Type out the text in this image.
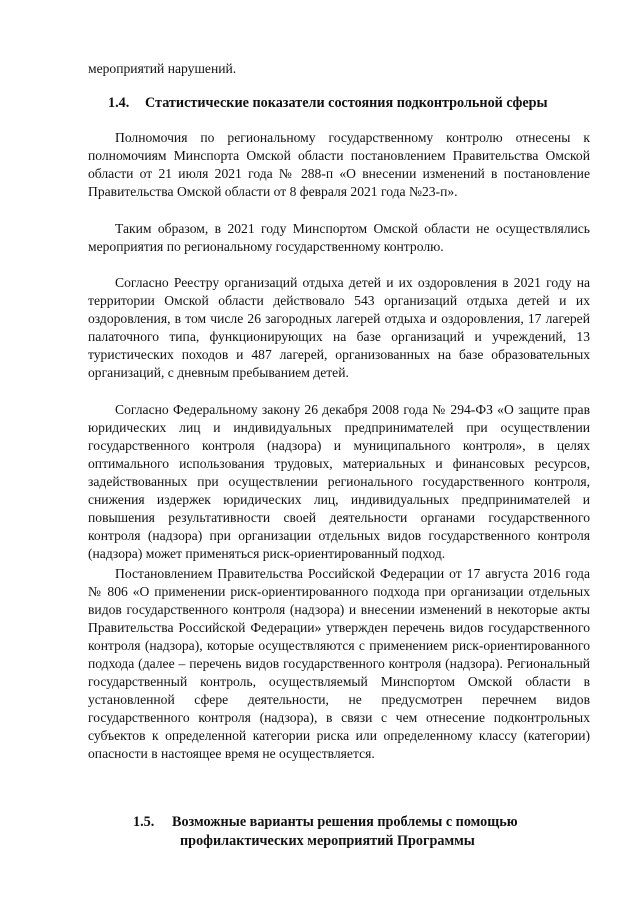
мероприятий нарушений.
1.4. Статистические показатели состояния подконтрольной сферы
Полномочия по региональному государственному контролю отнесены к полномочиям Минспорта Омской области постановлением Правительства Омской области от 21 июля 2021 года № 288-п «О внесении изменений в постановление Правительства Омской области от 8 февраля 2021 года №23-п».
Таким образом, в 2021 году Минспортом Омской области не осуществлялись мероприятия по региональному государственному контролю.
Согласно Реестру организаций отдыха детей и их оздоровления в 2021 году на территории Омской области действовало 543 организаций отдыха детей и их оздоровления, в том числе 26 загородных лагерей отдыха и оздоровления, 17 лагерей палаточного типа, функционирующих на базе организаций и учреждений, 13 туристических походов и 487 лагерей, организованных на базе образовательных организаций, с дневным пребыванием детей.
Согласно Федеральному закону 26 декабря 2008 года № 294-ФЗ «О защите прав юридических лиц и индивидуальных предпринимателей при осуществлении государственного контроля (надзора) и муниципального контроля», в целях оптимального использования трудовых, материальных и финансовых ресурсов, задействованных при осуществлении регионального государственного контроля, снижения издержек юридических лиц, индивидуальных предпринимателей и повышения результативности своей деятельности органами государственного контроля (надзора) при организации отдельных видов государственного контроля (надзора) может применяться риск-ориентированный подход.
Постановлением Правительства Российской Федерации от 17 августа 2016 года № 806 «О применении риск-ориентированного подхода при организации отдельных видов государственного контроля (надзора) и внесении изменений в некоторые акты Правительства Российской Федерации» утвержден перечень видов государственного контроля (надзора), которые осуществляются с применением риск-ориентированного подхода (далее – перечень видов государственного контроля (надзора). Региональный государственный контроль, осуществляемый Минспортом Омской области в установленной сфере деятельности, не предусмотрен перечнем видов государственного контроля (надзора), в связи с чем отнесение подконтрольных субъектов к определенной категории риска или определенному классу (категории) опасности в настоящее время не осуществляется.
1.5. Возможные варианты решения проблемы с помощью
профилактических мероприятий Программы
